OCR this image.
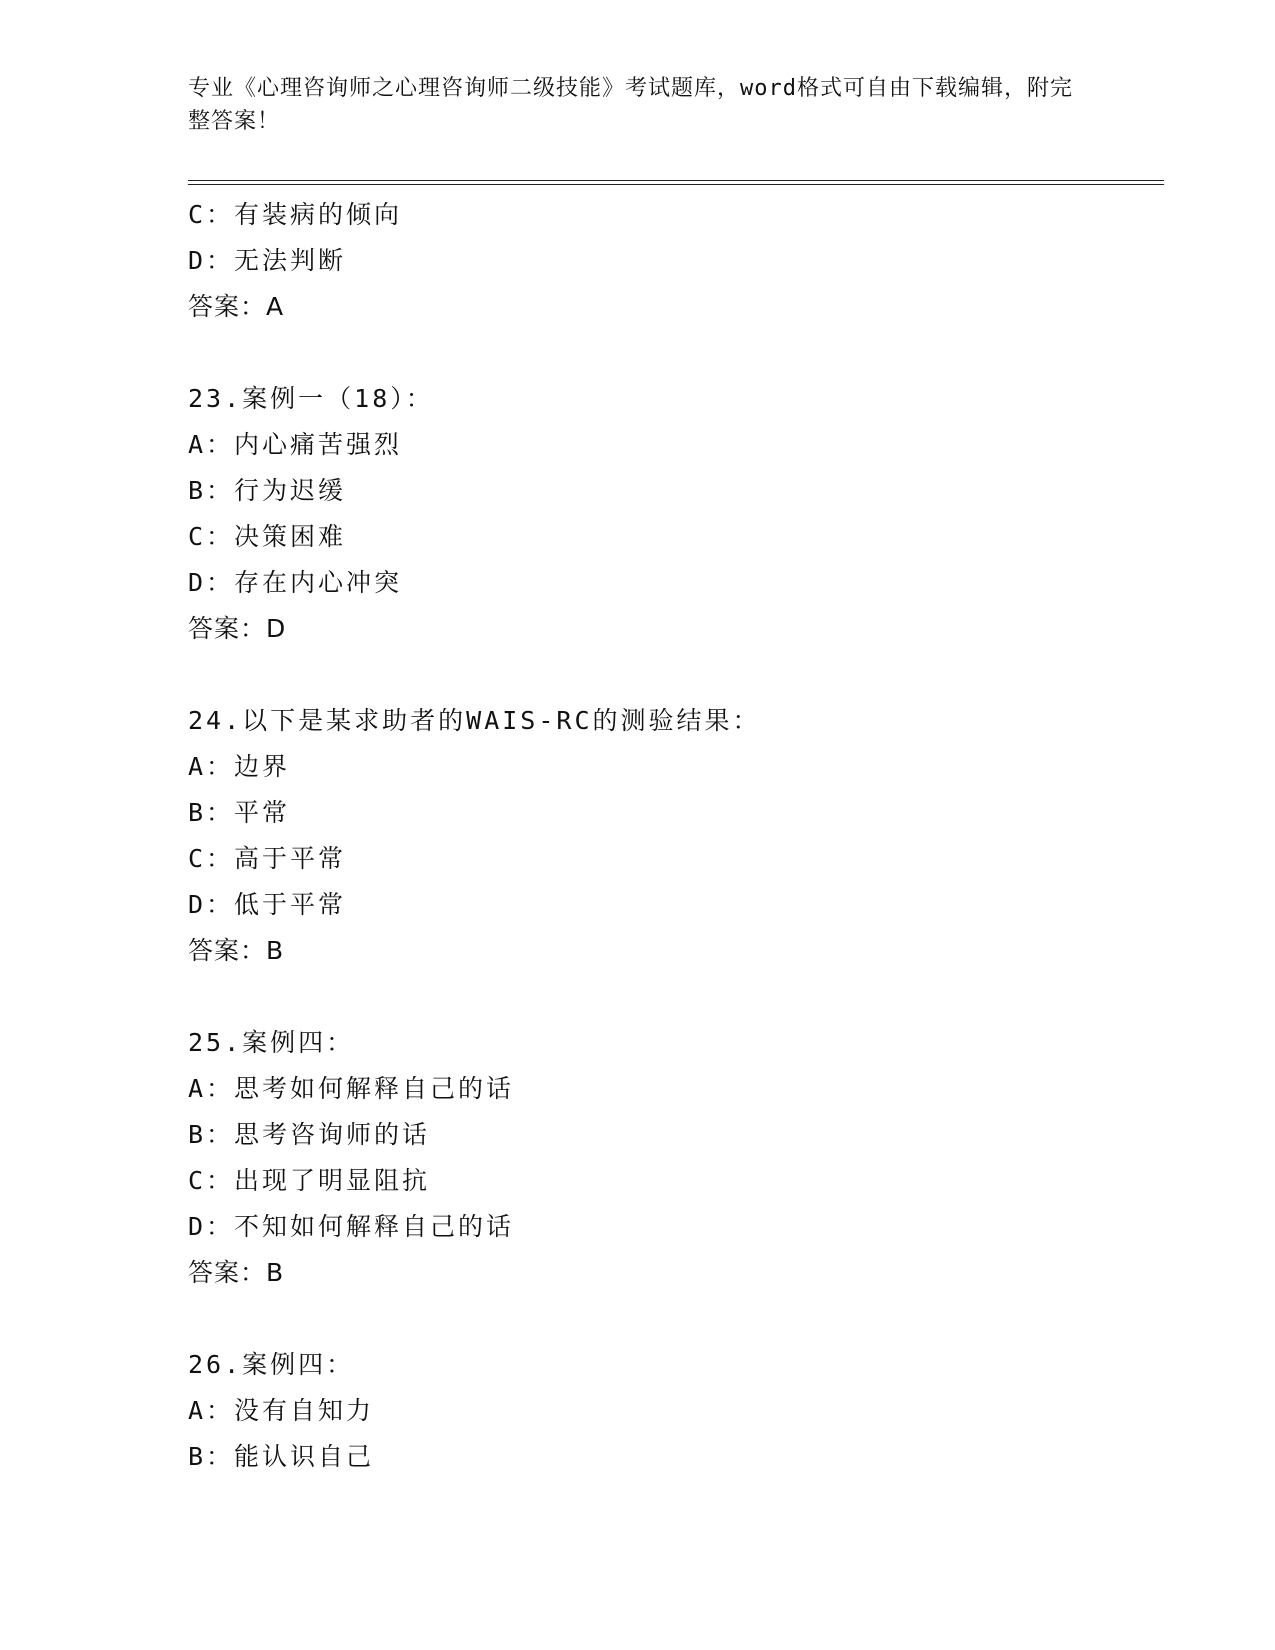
专业《心理咨询师之心理咨询师二级技能》考试题库，word格式可自由下载编辑，附完整答案！
C：有装病的倾向
D：无法判断
答案：A
23.案例一（18）：
A：内心痛苦强烈
B：行为迟缓
C：决策困难
D：存在内心冲突
答案：D
24.以下是某求助者的WAIS-RC的测验结果：
A：边界
B：平常
C：高于平常
D：低于平常
答案：B
25.案例四：
A：思考如何解释自己的话
B：思考咨询师的话
C：出现了明显阻抗
D：不知如何解释自己的话
答案：B
26.案例四：
A：没有自知力
B：能认识自己
